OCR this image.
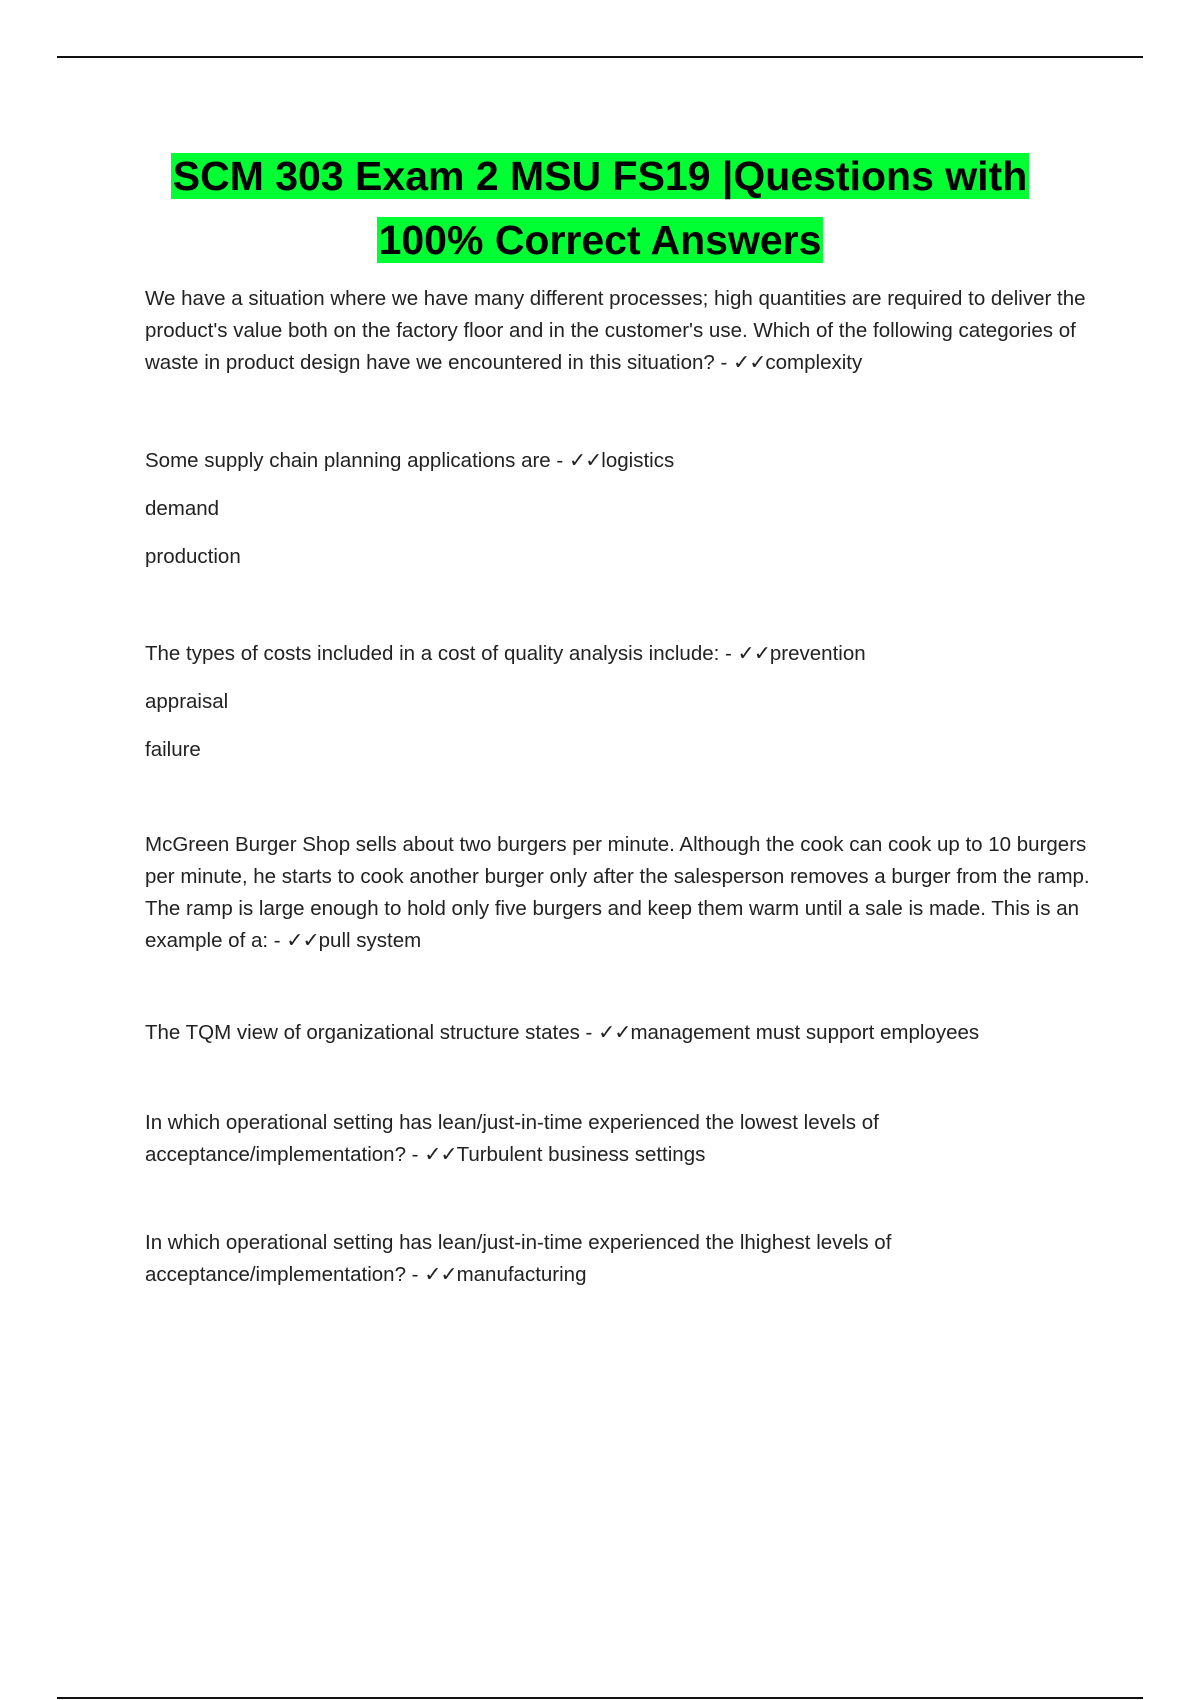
SCM 303 Exam 2 MSU FS19 |Questions with
100% Correct Answers

We have a situation where we have many different processes; high quantities are required to deliver the product's value both on the factory floor and in the customer's use. Which of the following categories of waste in product design have we encountered in this situation? - ✓✓complexity

Some supply chain planning applications are - ✓✓logistics

demand

production

The types of costs included in a cost of quality analysis include: - ✓✓prevention

appraisal

failure

McGreen Burger Shop sells about two burgers per minute. Although the cook can cook up to 10 burgers per minute, he starts to cook another burger only after the salesperson removes a burger from the ramp. The ramp is large enough to hold only five burgers and keep them warm until a sale is made. This is an example of a: - ✓✓pull system

The TQM view of organizational structure states - ✓✓management must support employees

In which operational setting has lean/just-in-time experienced the lowest levels of acceptance/implementation? - ✓✓Turbulent business settings

In which operational setting has lean/just-in-time experienced the lhighest levels of acceptance/implementation? - ✓✓manufacturing
